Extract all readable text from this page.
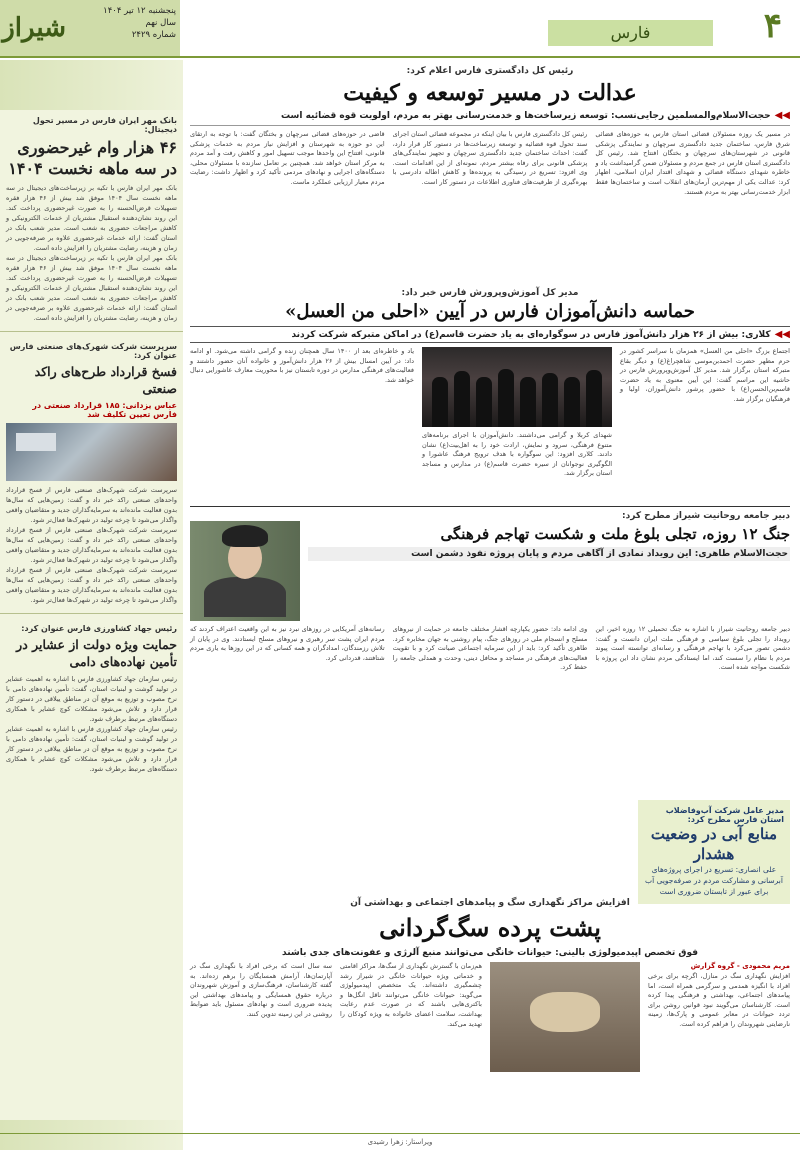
۴
فارس
شیراز
پنجشنبه ۱۲ تیر ۱۴۰۴
سال نهم
شماره ۲۴۲۹
بانک مهر ایران فارس در مسیر تحول دیجیتال:
۴۶ هزار وام غیرحضوری در سه ماهه نخست ۱۴۰۴
بانک مهر ایران فارس با تکیه بر زیرساخت‌های دیجیتال در سه ماهه نخست سال ۱۴۰۴ موفق شد بیش از ۴۶ هزار فقره تسهیلات قرض‌الحسنه را به صورت غیرحضوری پرداخت کند. این روند نشان‌دهنده استقبال مشتریان از خدمات الکترونیکی و کاهش مراجعات حضوری به شعب است. مدیر شعب بانک در استان گفت: ارائه خدمات غیرحضوری علاوه بر صرفه‌جویی در زمان و هزینه، رضایت مشتریان را افزایش داده است.
بانک مهر ایران فارس با تکیه بر زیرساخت‌های دیجیتال در سه ماهه نخست سال ۱۴۰۴ موفق شد بیش از ۴۶ هزار فقره تسهیلات قرض‌الحسنه را به صورت غیرحضوری پرداخت کند. این روند نشان‌دهنده استقبال مشتریان از خدمات الکترونیکی و کاهش مراجعات حضوری به شعب است. مدیر شعب بانک در استان گفت: ارائه خدمات غیرحضوری علاوه بر صرفه‌جویی در زمان و هزینه، رضایت مشتریان را افزایش داده است.
سرپرست شرکت شهرک‌های صنعتی فارس عنوان کرد:
فسخ قرارداد طرح‌های راکد صنعتی
عباس یزدانی: ۱۸۵ قرارداد صنعتی در فارس تعیین تکلیف شد
سرپرست شرکت شهرک‌های صنعتی فارس از فسخ قرارداد واحدهای صنعتی راکد خبر داد و گفت: زمین‌هایی که سال‌ها بدون فعالیت مانده‌اند به سرمایه‌گذاران جدید و متقاضیان واقعی واگذار می‌شود تا چرخه تولید در شهرک‌ها فعال‌تر شود.
سرپرست شرکت شهرک‌های صنعتی فارس از فسخ قرارداد واحدهای صنعتی راکد خبر داد و گفت: زمین‌هایی که سال‌ها بدون فعالیت مانده‌اند به سرمایه‌گذاران جدید و متقاضیان واقعی واگذار می‌شود تا چرخه تولید در شهرک‌ها فعال‌تر شود.
سرپرست شرکت شهرک‌های صنعتی فارس از فسخ قرارداد واحدهای صنعتی راکد خبر داد و گفت: زمین‌هایی که سال‌ها بدون فعالیت مانده‌اند به سرمایه‌گذاران جدید و متقاضیان واقعی واگذار می‌شود تا چرخه تولید در شهرک‌ها فعال‌تر شود.
رئیس جهاد کشاورزی فارس عنوان کرد:
حمایت ویژه دولت از عشایر در تأمین نهاده‌های دامی
رئیس سازمان جهاد کشاورزی فارس با اشاره به اهمیت عشایر در تولید گوشت و لبنیات استان، گفت: تأمین نهاده‌های دامی با نرخ مصوب و توزیع به موقع آن در مناطق ییلاقی در دستور کار قرار دارد و تلاش می‌شود مشکلات کوچ عشایر با همکاری دستگاه‌های مرتبط برطرف شود.
رئیس سازمان جهاد کشاورزی فارس با اشاره به اهمیت عشایر در تولید گوشت و لبنیات استان، گفت: تأمین نهاده‌های دامی با نرخ مصوب و توزیع به موقع آن در مناطق ییلاقی در دستور کار قرار دارد و تلاش می‌شود مشکلات کوچ عشایر با همکاری دستگاه‌های مرتبط برطرف شود.
رئیس کل دادگستری فارس اعلام کرد:
عدالت در مسیر توسعه و کیفیت
◀◀
حجت‌الاسلام‌والمسلمین رجایی‌نسب: توسعه زیرساخت‌ها و خدمت‌رسانی بهتر به مردم، اولویت قوه قضائیه است
در مسیر یک روزه مسئولان قضائی استان فارس به حوزه‌های قضائی شرق فارس، ساختمان جدید دادگستری سرچهان و نمایندگی پزشکی قانونی در شهرستان‌های سرچهان و بختگان افتتاح شد. رئیس کل دادگستری استان فارس در جمع مردم و مسئولان ضمن گرامیداشت یاد و خاطره شهدای دستگاه قضائی و شهدای اقتدار ایران اسلامی، اظهار کرد: عدالت یکی از مهم‌ترین آرمان‌های انقلاب است و ساختمان‌ها فقط ابزار خدمت‌رسانی بهتر به مردم هستند.
رئیس کل دادگستری فارس با بیان اینکه در مجموعه قضائی استان اجرای سند تحول قوه قضائیه و توسعه زیرساخت‌ها در دستور کار قرار دارد، گفت: احداث ساختمان جدید دادگستری سرچهان و تجهیز نمایندگی‌های پزشکی قانونی برای رفاه بیشتر مردم، نمونه‌ای از این اقدامات است. وی افزود: تسریع در رسیدگی به پرونده‌ها و کاهش اطاله دادرسی با بهره‌گیری از ظرفیت‌های فناوری اطلاعات در دستور کار است.
قاضی در حوزه‌های قضائی سرچهان و بختگان گفت: با توجه به ارتقای این دو حوزه به شهرستان و افزایش نیاز مردم به خدمات پزشکی قانونی، افتتاح این واحدها موجب تسهیل امور و کاهش رفت و آمد مردم به مرکز استان خواهد شد. همچنین بر تعامل سازنده با مسئولان محلی، دستگاه‌های اجرایی و نهادهای مردمی تأکید کرد و اظهار داشت: رضایت مردم معیار ارزیابی عملکرد ماست.
مدیر کل آموزش‌وپرورش فارس خبر داد:
حماسه دانش‌آموزان فارس در آیین «احلی من العسل»
◀◀
کلاری: بیش از ۲۶ هزار دانش‌آموز فارس در سوگواره‌ای به یاد حضرت قاسم(ع) در اماکن متبرکه شرکت کردند
اجتماع بزرگ «احلی من العسل» همزمان با سراسر کشور در حرم مطهر حضرت احمدبن‌موسی شاهچراغ(ع) و دیگر بقاع متبرکه استان برگزار شد. مدیر کل آموزش‌وپرورش فارس در حاشیه این مراسم گفت: این آیین معنوی به یاد حضرت قاسم‌بن‌الحسن(ع) با حضور پرشور دانش‌آموزان، اولیا و فرهنگیان برگزار شد.
شهدای کربلا و گرامی می‌داشتند. دانش‌آموزان با اجرای برنامه‌های متنوع فرهنگی، سرود و نمایش، ارادت خود را به اهل‌بیت(ع) نشان دادند. کلاری افزود: این سوگواره با هدف ترویج فرهنگ عاشورا و الگوگیری نوجوانان از سیره حضرت قاسم(ع) در مدارس و مساجد استان برگزار شد.
یاد و خاطره‌ای بعد از ۱۴۰۰ سال همچنان زنده و گرامی داشته می‌شود. او ادامه داد: در آیین امسال بیش از ۲۶ هزار دانش‌آموز و خانواده آنان حضور داشتند و فعالیت‌های فرهنگی مدارس در دوره تابستان نیز با محوریت معارف عاشورایی دنبال خواهد شد.
دبیر جامعه روحانیت شیراز مطرح کرد:
جنگ ۱۲ روزه، تجلی بلوغ ملت و شکست تهاجم فرهنگی
حجت‌الاسلام طاهری: این رویداد نمادی از آگاهی مردم و پایان پروژه نفوذ دشمن است
دبیر جامعه روحانیت شیراز با اشاره به جنگ تحمیلی ۱۲ روزه اخیر، این رویداد را تجلی بلوغ سیاسی و فرهنگی ملت ایران دانست و گفت: دشمن تصور می‌کرد با تهاجم فرهنگی و رسانه‌ای توانسته است پیوند مردم با نظام را سست کند، اما ایستادگی مردم نشان داد این پروژه با شکست مواجه شده است.
وی ادامه داد: حضور یکپارچه اقشار مختلف جامعه در حمایت از نیروهای مسلح و انسجام ملی در روزهای جنگ، پیام روشنی به جهان مخابره کرد. طاهری تأکید کرد: باید از این سرمایه اجتماعی صیانت کرد و با تقویت فعالیت‌های فرهنگی در مساجد و محافل دینی، وحدت و همدلی جامعه را حفظ کرد.
رسانه‌های آمریکایی در روزهای نبرد نیز به این واقعیت اعتراف کردند که مردم ایران پشت سر رهبری و نیروهای مسلح ایستادند. وی در پایان از تلاش رزمندگان، امدادگران و همه کسانی که در این روزها به یاری مردم شتافتند، قدردانی کرد.
مدیر عامل شرکت آب‌وفاضلاب استان فارس مطرح کرد:
منابع آبی در وضعیت هشدار
علی انصاری: تسریع در اجرای پروژه‌های آبرسانی و مشارکت مردم در صرفه‌جویی آب برای عبور از تابستان ضروری است
افزایش مراکز نگهداری سگ و پیامدهای اجتماعی و بهداشتی آن
پشت پرده سگ‌گردانی
فوق تخصص اپیدمیولوژی بالینی: حیوانات خانگی می‌توانند منبع آلرژی و عفونت‌های جدی باشند
مریم محمودی - گروه گزارش
افزایش نگهداری سگ در منازل، اگرچه برای برخی افراد با انگیزه همدمی و سرگرمی همراه است، اما پیامدهای اجتماعی، بهداشتی و فرهنگی پیدا کرده است. کارشناسان می‌گویند نبود قوانین روشن برای تردد حیوانات در معابر عمومی و پارک‌ها، زمینه نارضایتی شهروندان را فراهم کرده است.
هم‌زمان با گسترش نگهداری از سگ‌ها، مراکز اقامتی و خدماتی ویژه حیوانات خانگی در شیراز رشد چشمگیری داشته‌اند. یک متخصص اپیدمیولوژی می‌گوید: حیوانات خانگی می‌توانند ناقل انگل‌ها و باکتری‌هایی باشند که در صورت عدم رعایت بهداشت، سلامت اعضای خانواده به ویژه کودکان را تهدید می‌کند.
سه سال است که برخی افراد با نگهداری سگ در آپارتمان‌ها، آرامش همسایگان را برهم زده‌اند. به گفته کارشناسان، فرهنگ‌سازی و آموزش شهروندان درباره حقوق همسایگی و پیامدهای بهداشتی این پدیده ضروری است و نهادهای مسئول باید ضوابط روشنی در این زمینه تدوین کنند.
ویراستار: زهرا رشیدی
